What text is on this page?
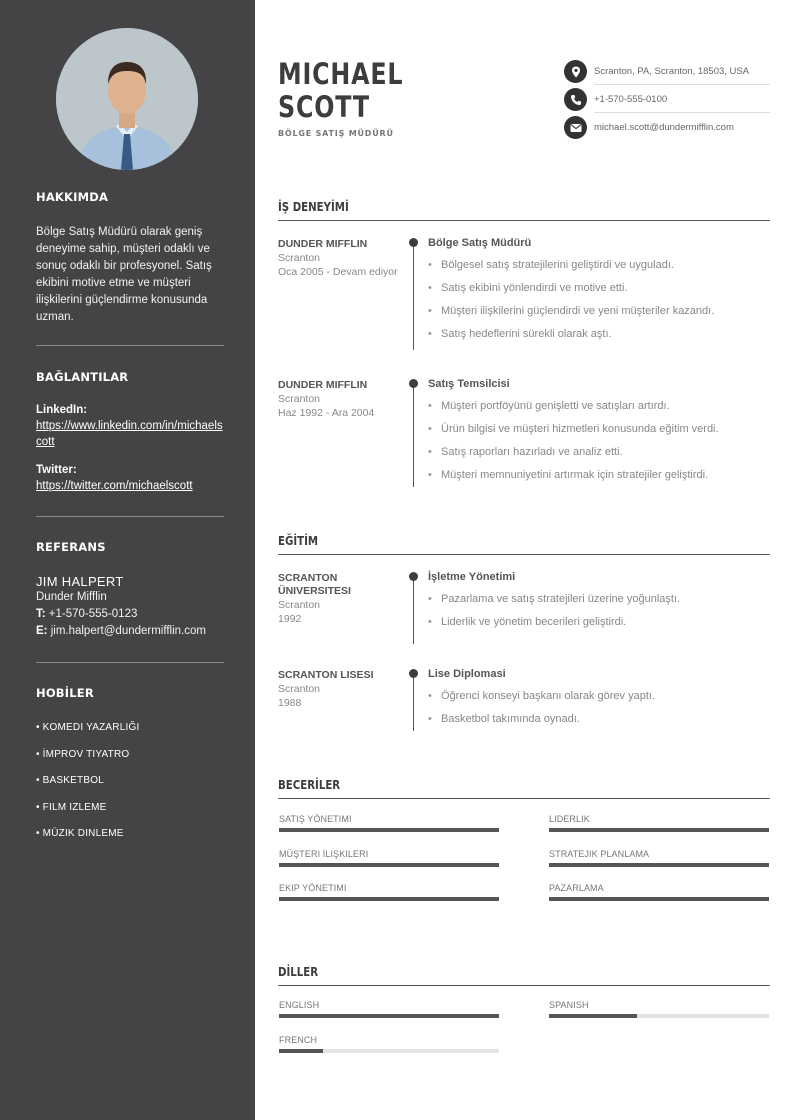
HAKKIMDA
Bölge Satış Müdürü olarak geniş deneyime sahip, müşteri odaklı ve sonuç odaklı bir profesyonel. Satış ekibini motive etme ve müşteri ilişkilerini güçlendirme konusunda uzman.
BAĞLANTILAR
LinkedIn:
https://www.linkedin.com/in/michaelscott
Twitter:
https://twitter.com/michaelscott
REFERANS
JIM HALPERT
Dunder Mifflin
T: +1-570-555-0123
E: jim.halpert@dundermifflin.com
HOBİLER
• KOMEDI YAZARLIĞI
• İMPROV TIYATRO
• BASKETBOL
• FILM IZLEME
• MÜZIK DINLEME
MICHAEL
SCOTT
BÖLGE SATIŞ MÜDÜRÜ
Scranton, PA, Scranton, 18503, USA
+1-570-555-0100
michael.scott@dundermifflin.com
İŞ DENEYİMİ
DUNDER MIFFLIN
Scranton
Oca 2005 - Devam ediyor
Bölge Satış Müdürü
• Bölgesel satış stratejilerini geliştirdi ve uyguladı.
• Satış ekibini yönlendirdi ve motive etti.
• Müşteri ilişkilerini güçlendirdi ve yeni müşteriler kazandı.
• Satış hedeflerini sürekli olarak aştı.
DUNDER MIFFLIN
Scranton
Haz 1992 - Ara 2004
Satış Temsilcisi
• Müşteri portföyünü genişletti ve satışları artırdı.
• Ürün bilgisi ve müşteri hizmetleri konusunda eğitim verdi.
• Satış raporları hazırladı ve analiz etti.
• Müşteri memnuniyetini artırmak için stratejiler geliştirdi.
EĞİTİM
SCRANTON ÜNIVERSITESI
Scranton
1992
İşletme Yönetimi
• Pazarlama ve satış stratejileri üzerine yoğunlaştı.
• Liderlik ve yönetim becerileri geliştirdi.
SCRANTON LISESI
Scranton
1988
Lise Diplomasi
• Öğrenci konseyi başkanı olarak görev yaptı.
• Basketbol takımında oynadı.
BECERİLER
SATIŞ YÖNETIMI	LIDERLIK
MÜŞTERI İLIŞKILERI	STRATEJIK PLANLAMA
EKIP YÖNETIMI	PAZARLAMA
DİLLER
ENGLISH	SPANISH
FRENCH
